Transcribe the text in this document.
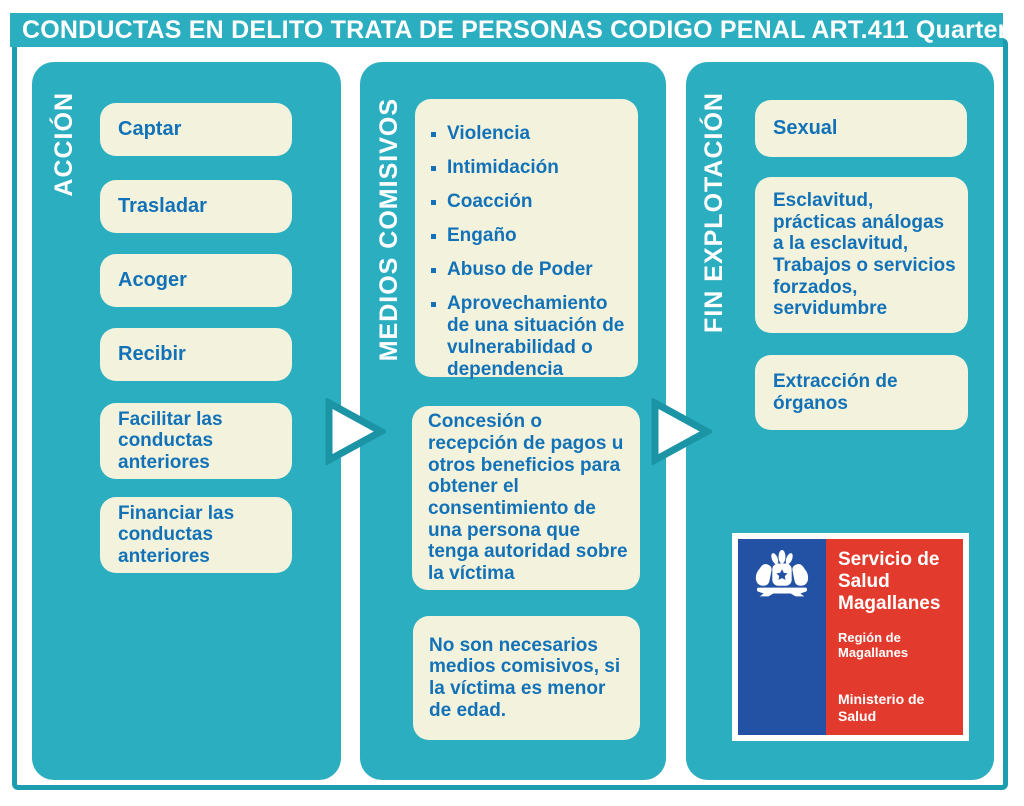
CONDUCTAS EN DELITO TRATA DE PERSONAS CODIGO PENAL ART.411 Quarter
ACCIÓN	Captar
Trasladar
Acoger
Recibir
Facilitar las conductas anteriores
Financiar las conductas anteriores
MEDIOS COMISIVOS Violencia
Intimidación
Coacción
Engaño
Abuso de Poder
Aprovechamiento de una situación de vulnerabilidad o dependencia
Concesión o recepción de pagos u otros beneficios para obtener el consentimiento de una persona que tenga autoridad sobre la víctima
No son necesarios medios comisivos, si la víctima es menor de edad.
FIN EXPLOTACIÓN	Sexual
Esclavitud, prácticas análogas a la esclavitud, Trabajos o servicios forzados, servidumbre
Extracción de órganos
Servicio de Salud Magallanes
Región de Magallanes
Ministerio de Salud
